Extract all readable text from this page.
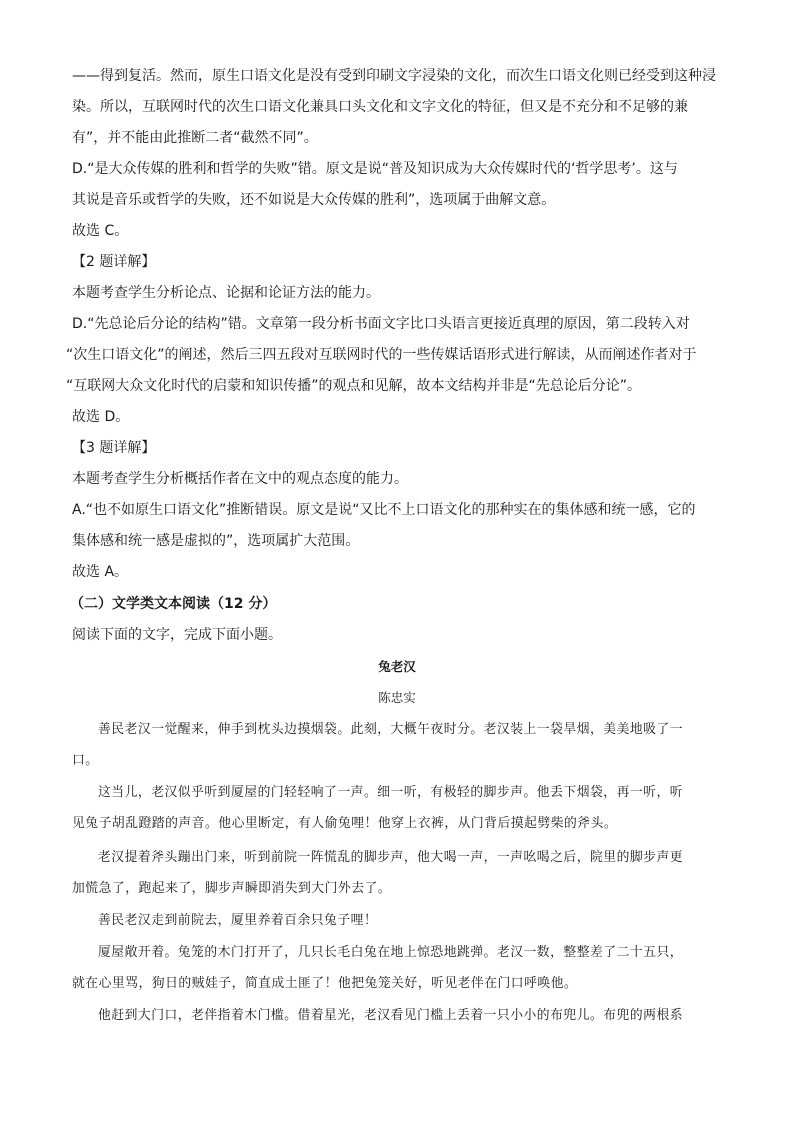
——得到复活。然而，原生口语文化是没有受到印刷文字浸染的文化，而次生口语文化则已经受到这种浸
染。所以，互联网时代的次生口语文化兼具口头文化和文字文化的特征，但又是不充分和不足够的兼
有”，并不能由此推断二者“截然不同”。
D.“是大众传媒的胜利和哲学的失败”错。原文是说“普及知识成为大众传媒时代的‘哲学思考’。这与
其说是音乐或哲学的失败，还不如说是大众传媒的胜利”，选项属于曲解文意。
故选 C。
【2 题详解】
本题考查学生分析论点、论据和论证方法的能力。
D.“先总论后分论的结构”错。文章第一段分析书面文字比口头语言更接近真理的原因，第二段转入对
“次生口语文化”的阐述，然后三四五段对互联网时代的一些传媒话语形式进行解读，从而阐述作者对于
“互联网大众文化时代的启蒙和知识传播”的观点和见解，故本文结构并非是“先总论后分论”。
故选 D。
【3 题详解】
本题考查学生分析概括作者在文中的观点态度的能力。
A.“也不如原生口语文化”推断错误。原文是说“又比不上口语文化的那种实在的集体感和统一感，它的
集体感和统一感是虚拟的”，选项属扩大范围。
故选 A。
（二）文学类文本阅读（12 分）
阅读下面的文字，完成下面小题。
兔老汉
陈忠实
善民老汉一觉醒来，伸手到枕头边摸烟袋。此刻，大概午夜时分。老汉装上一袋旱烟，美美地吸了一
口。
这当儿，老汉似乎听到厦屋的门轻轻响了一声。细一听，有极轻的脚步声。他丢下烟袋，再一听，听
见兔子胡乱蹬踏的声音。他心里断定，有人偷兔哩！他穿上衣裤，从门背后摸起劈柴的斧头。
老汉提着斧头蹦出门来，听到前院一阵慌乱的脚步声，他大喝一声，一声吆喝之后，院里的脚步声更
加慌急了，跑起来了，脚步声瞬即消失到大门外去了。
善民老汉走到前院去，厦里养着百余只兔子哩！
厦屋敞开着。兔笼的木门打开了，几只长毛白兔在地上惊恐地跳弹。老汉一数，整整差了二十五只，
就在心里骂，狗日的贼娃子，简直成土匪了！他把兔笼关好，听见老伴在门口呼唤他。
他赶到大门口，老伴指着木门槛。借着星光，老汉看见门槛上丢着一只小小的布兜儿。布兜的两根系
